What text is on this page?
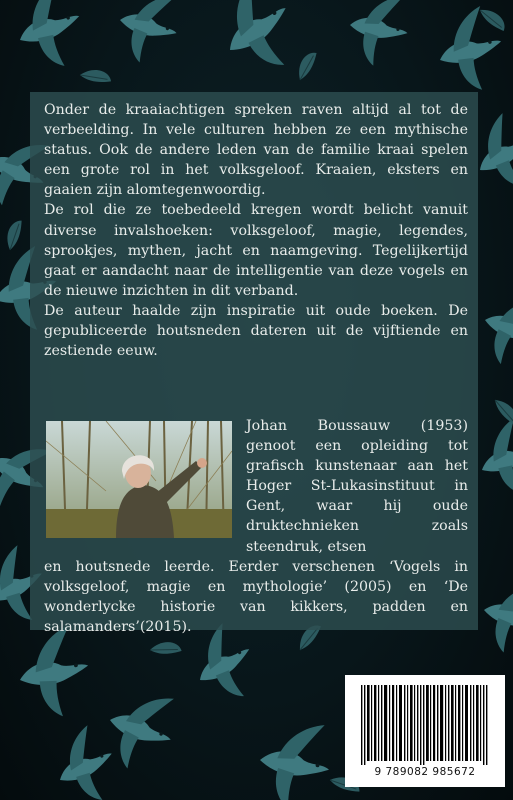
Onder de kraaiachtigen spreken raven altijd al tot de verbeelding. In vele culturen hebben ze een mythische status. Ook de andere leden van de familie kraai spelen een grote rol in het volksgeloof. Kraaien, eksters en gaaien zijn alomtegenwoordig.

De rol die ze toebedeeld kregen wordt belicht vanuit diverse invalshoeken: volksgeloof, magie, legendes, sprookjes, mythen, jacht en naamgeving. Tegelijkertijd gaat er aandacht naar de intelligentie van deze vogels en de nieuwe inzichten in dit verband.

De auteur haalde zijn inspiratie uit oude boeken. De gepubliceerde houtsneden dateren uit de vijftiende en zestiende eeuw.

Johan Boussauw (1953) genoot een opleiding tot grafisch kunstenaar aan het Hoger St-Lukasinstituut in Gent, waar hij oude druktechnieken zoals steendruk, etsen
en houtsnede leerde. Eerder verschenen ‘Vogels in volksgeloof, magie en mythologie’ (2005) en ‘De wonderlycke historie van kikkers, padden en salamanders’(2015).
9 789082 985672
